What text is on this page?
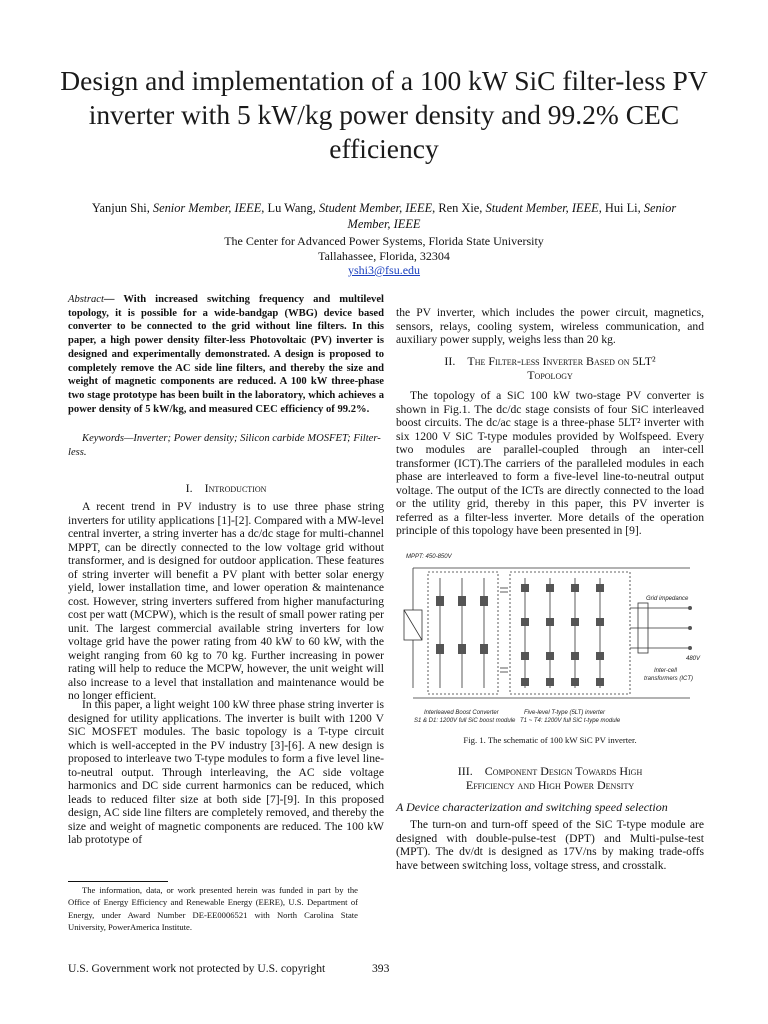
Design and implementation of a 100 kW SiC filter-less PV inverter with 5 kW/kg power density and 99.2% CEC efficiency
Yanjun Shi, Senior Member, IEEE, Lu Wang, Student Member, IEEE, Ren Xie, Student Member, IEEE, Hui Li, Senior Member, IEEE
The Center for Advanced Power Systems, Florida State University
Tallahassee, Florida, 32304
yshi3@fsu.edu
Abstract— With increased switching frequency and multilevel topology, it is possible for a wide-bandgap (WBG) device based converter to be connected to the grid without line filters. In this paper, a high power density filter-less Photovoltaic (PV) inverter is designed and experimentally demonstrated. A design is proposed to completely remove the AC side line filters, and thereby the size and weight of magnetic components are reduced. A 100 kW three-phase two stage prototype has been built in the laboratory, which achieves a power density of 5 kW/kg, and measured CEC efficiency of 99.2%.
Keywords—Inverter; Power density; Silicon carbide MOSFET; Filter-less.
I. Introduction

A recent trend in PV industry is to use three phase string inverters for utility applications [1]-[2]. Compared with a MW-level central inverter, a string inverter has a dc/dc stage for multi-channel MPPT, can be directly connected to the low voltage grid without transformer, and is designed for outdoor application. These features of string inverter will benefit a PV plant with better solar energy yield, lower installation time, and lower operation & maintenance cost. However, string inverters suffered from higher manufacturing cost per watt (MCPW), which is the result of small power rating per unit. The largest commercial available string inverters for low voltage grid have the power rating from 40 kW to 60 kW, with the weight ranging from 60 kg to 70 kg. Further increasing in power rating will help to reduce the MCPW, however, the unit weight will also increase to a level that installation and maintenance would be no longer efficient.

In this paper, a light weight 100 kW three phase string inverter is designed for utility applications. The inverter is built with 1200 V SiC MOSFET modules. The basic topology is a T-type circuit which is well-accepted in the PV industry [3]-[6]. A new design is proposed to interleave two T-type modules to form a five level line-to-neutral output. Through interleaving, the AC side voltage harmonics and DC side current harmonics can be reduced, which leads to reduced filter size at both side [7]-[9]. In this proposed design, AC side line filters are completely removed, and thereby the size and weight of magnetic components are reduced. The 100 kW lab prototype of

The information, data, or work presented herein was funded in part by the Office of Energy Efficiency and Renewable Energy (EERE), U.S. Department of Energy, under Award Number DE-EE0006521 with North Carolina State University, PowerAmerica Institute.

the PV inverter, which includes the power circuit, magnetics, sensors, relays, cooling system, wireless communication, and auxiliary power supply, weighs less than 20 kg.

II. The Filter-less Inverter Based on 5LT²
Topology

The topology of a SiC 100 kW two-stage PV converter is shown in Fig.1. The dc/dc stage consists of four SiC interleaved boost circuits. The dc/ac stage is a three-phase 5LT² inverter with six 1200 V SiC T-type modules provided by Wolfspeed. Every two modules are parallel-coupled through an inter-cell transformer (ICT).The carriers of the paralleled modules in each phase are interleaved to form a five-level line-to-neutral output voltage. The output of the ICTs are directly connected to the load or the utility grid, thereby in this paper, this PV inverter is referred as a filter-less inverter. More details of the operation principle of this topology have been presented in [9].

MPPT: 450-850V
Grid impedance
480V
Inter-cell
transformers (ICT)
Interleaved Boost Converter
S1 & D1: 1200V full SiC boost module
Five-level T-type (5LT) inverter
T1 ~ T4: 1200V full SiC t-type module
Fig. 1. The schematic of 100 kW SiC PV inverter.
III. Component Design Towards High
Efficiency and High Power Density
A Device characterization and switching speed selection

The turn-on and turn-off speed of the SiC T-type module are designed with double-pulse-test (DPT) and Multi-pulse-test (MPT). The dv/dt is designed as 17V/ns by making trade-offs have between switching loss, voltage stress, and crosstalk.

U.S. Government work not protected by U.S. copyright	393
